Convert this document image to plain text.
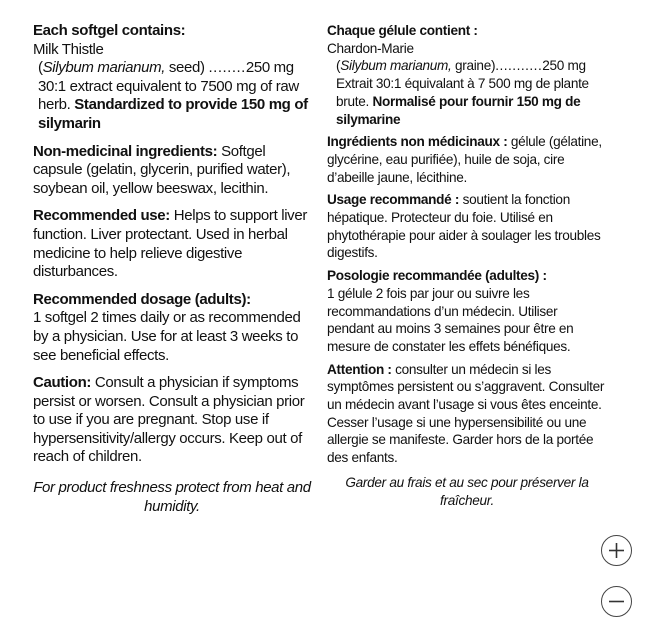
Each softgel contains:
Milk Thistle
(Silybum marianum, seed) ........250 mg 30:1 extract equivalent to 7500 mg of raw herb. Standardized to provide 150 mg of silymarin
Non-medicinal ingredients: Softgel capsule (gelatin, glycerin, purified water), soybean oil, yellow beeswax, lecithin.
Recommended use: Helps to support liver function. Liver protectant. Used in herbal medicine to help relieve digestive disturbances.
Recommended dosage (adults):
1 softgel 2 times daily or as recommended by a physician. Use for at least 3 weeks to see beneficial effects.
Caution: Consult a physician if symptoms persist or worsen. Consult a physician prior to use if you are pregnant. Stop use if hypersensitivity/allergy occurs. Keep out of reach of children.
For product freshness protect from heat and humidity.
Chaque gélule contient :
Chardon-Marie
(Silybum marianum, graine)...........250 mg Extrait 30:1 équivalant à 7 500 mg de plante brute. Normalisé pour fournir 150 mg de silymarine
Ingrédients non médicinaux : gélule (gélatine, glycérine, eau purifiée), huile de soja, cire d’abeille jaune, lécithine.
Usage recommandé : soutient la fonction hépatique. Protecteur du foie. Utilisé en phytothérapie pour aider à soulager les troubles digestifs.
Posologie recommandée (adultes) :
1 gélule 2 fois par jour ou suivre les recommandations d’un médecin. Utiliser pendant au moins 3 semaines pour être en mesure de constater les effets bénéfiques.
Attention : consulter un médecin si les symptômes persistent ou s’aggravent. Consulter un médecin avant l’usage si vous êtes enceinte. Cesser l’usage si une hypersensibilité ou une allergie se manifeste. Garder hors de la portée des enfants.
Garder au frais et au sec pour préserver la fraîcheur.
